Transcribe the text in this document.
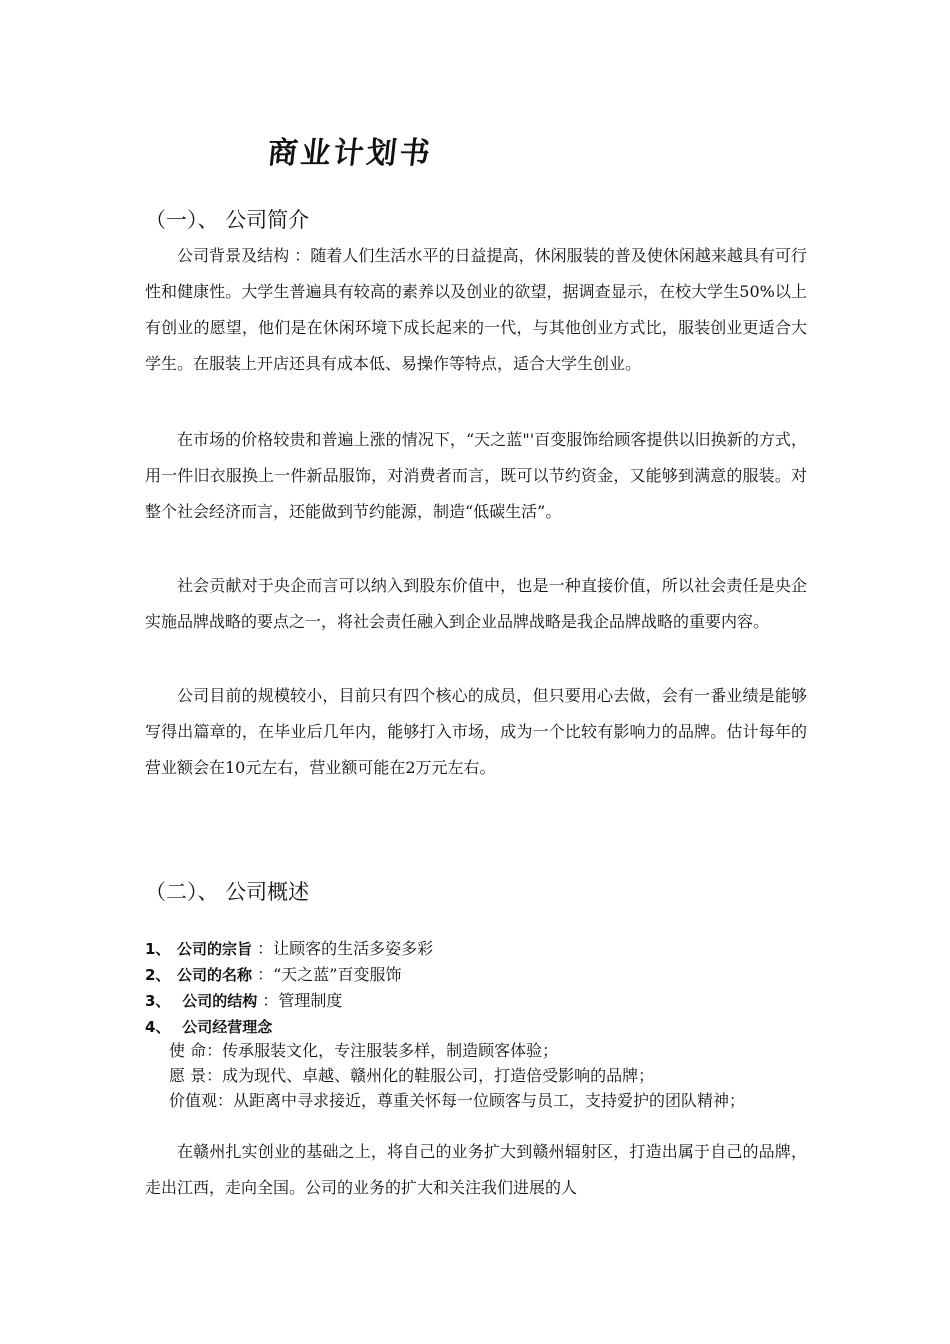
商业计划书
（一）、 公司简介

公司背景及结构 ：随着人们生活水平的日益提高，休闲服装的普及使休闲越来越具有可行性和健康性。大学生普遍具有较高的素养以及创业的欲望，据调查显示，在校大学生50%以上有创业的愿望，他们是在休闲环境下成长起来的一代，与其他创业方式比，服装创业更适合大学生。在服装上开店还具有成本低、易操作等特点，适合大学生创业。

在市场的价格较贵和普遍上涨的情况下，“天之蓝"'百变服饰给顾客提供以旧换新的方式，用一件旧衣服换上一件新品服饰，对消费者而言，既可以节约资金，又能够到满意的服装。对整个社会经济而言，还能做到节约能源，制造“低碳生活”。

社会贡献对于央企而言可以纳入到股东价值中，也是一种直接价值，所以社会责任是央企实施品牌战略的要点之一，将社会责任融入到企业品牌战略是我企品牌战略的重要内容。

公司目前的规模较小，目前只有四个核心的成员，但只要用心去做，会有一番业绩是能够写得出篇章的，在毕业后几年内，能够打入市场，成为一个比较有影响力的品牌。估计每年的营业额会在10元左右，营业额可能在2万元左右。

（二）、 公司概述
1、 公司的宗旨 ：让顾客的生活多姿多彩
2、 公司的名称 ：“天之蓝”百变服饰
3、 公司的结构 ：管理制度
4、 公司经营理念

使 命：传承服装文化，专注服装多样，制造顾客体验；

愿 景：成为现代、卓越、赣州化的鞋服公司，打造倍受影响的品牌；

价值观：从距离中寻求接近，尊重关怀每一位顾客与员工，支持爱护的团队精神；

在赣州扎实创业的基础之上，将自己的业务扩大到赣州辐射区，打造出属于自己的品牌，走出江西，走向全国。公司的业务的扩大和关注我们进展的人
